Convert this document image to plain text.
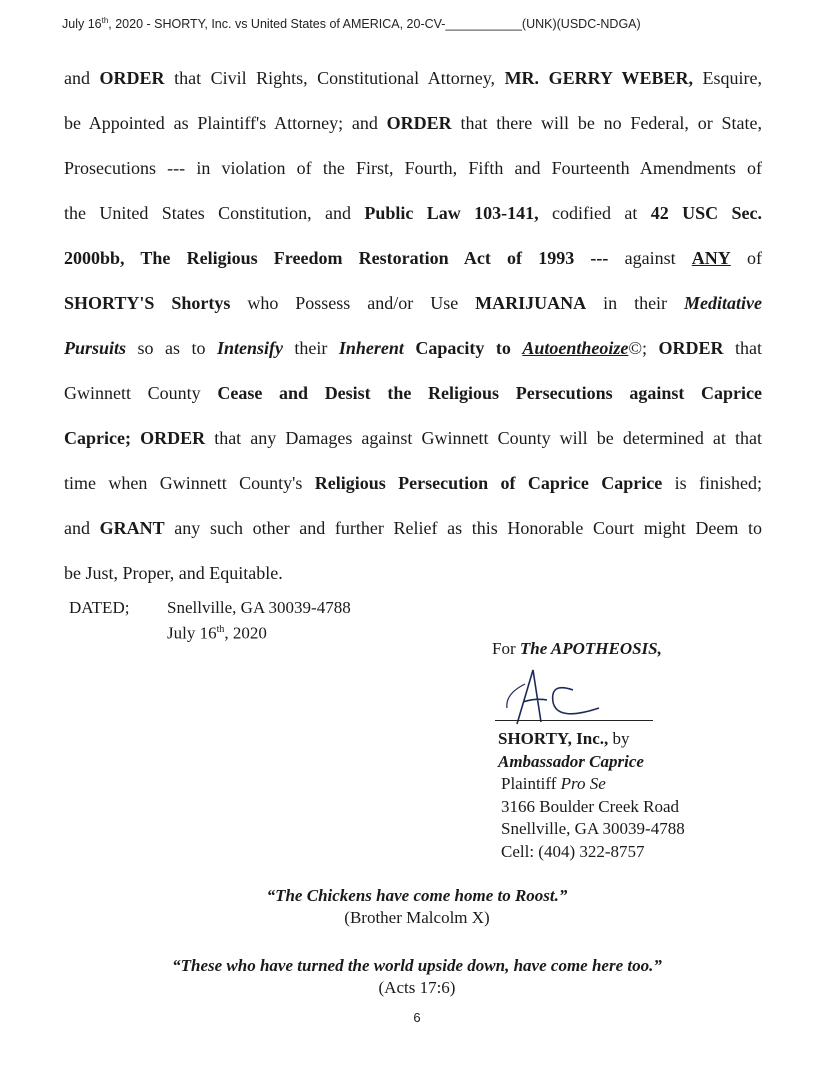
July 16th, 2020 - SHORTY, Inc. vs United States of AMERICA, 20-CV-___________(UNK)(USDC-NDGA)
and ORDER that Civil Rights, Constitutional Attorney, MR. GERRY WEBER, Esquire,
be Appointed as Plaintiff's Attorney; and ORDER that there will be no Federal, or State,
Prosecutions --- in violation of the First, Fourth, Fifth and Fourteenth Amendments of
the United States Constitution, and Public Law 103-141, codified at 42 USC Sec.
2000bb, The Religious Freedom Restoration Act of 1993 --- against ANY of
SHORTY'S Shortys who Possess and/or Use MARIJUANA in their Meditative
Pursuits so as to Intensify their Inherent Capacity to Autoentheoize©; ORDER that
Gwinnett County Cease and Desist the Religious Persecutions against Caprice
Caprice; ORDER that any Damages against Gwinnett County will be determined at that
time when Gwinnett County's Religious Persecution of Caprice Caprice is finished;
and GRANT any such other and further Relief as this Honorable Court might Deem to
be Just, Proper, and Equitable.
DATED; Snellville, GA 30039-4788
July 16th, 2020
For The APOTHEOSIS,
SHORTY, Inc., by
Ambassador Caprice
Plaintiff Pro Se
3166 Boulder Creek Road
Snellville, GA 30039-4788
Cell: (404) 322-8757
“The Chickens have come home to Roost.”
(Brother Malcolm X)
“These who have turned the world upside down, have come here too.”
(Acts 17:6)
6
